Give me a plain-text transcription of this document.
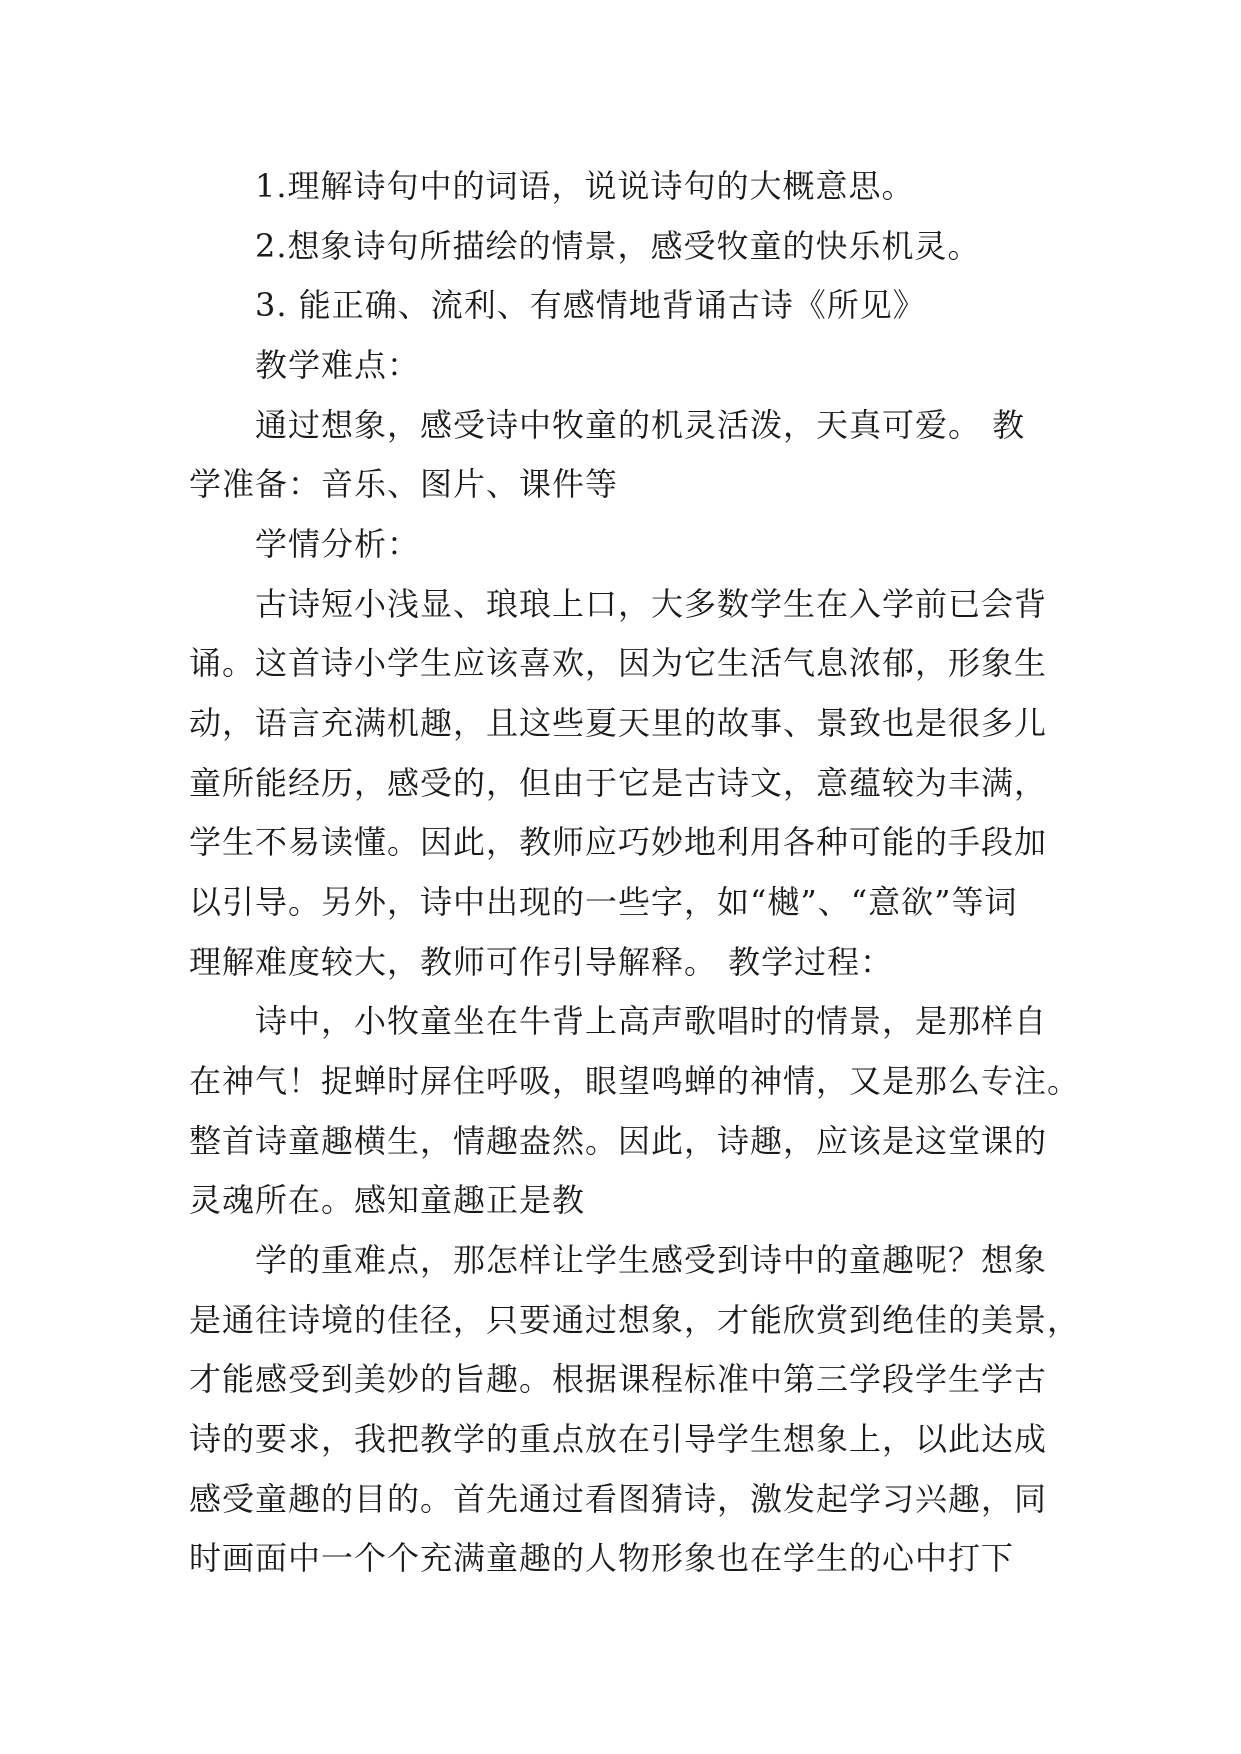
1.理解诗句中的词语，说说诗句的大概意思。
2.想象诗句所描绘的情景，感受牧童的快乐机灵。
3. 能正确、流利、有感情地背诵古诗《所见》
教学难点：
通过想象，感受诗中牧童的机灵活泼，天真可爱。 教
学准备：音乐、图片、课件等
学情分析：
古诗短小浅显、琅琅上口，大多数学生在入学前已会背
诵。这首诗小学生应该喜欢，因为它生活气息浓郁，形象生
动，语言充满机趣，且这些夏天里的故事、景致也是很多儿
童所能经历，感受的，但由于它是古诗文，意蕴较为丰满，
学生不易读懂。因此，教师应巧妙地利用各种可能的手段加
以引导。另外，诗中出现的一些字，如“樾”、“意欲”等词
理解难度较大，教师可作引导解释。 教学过程：
诗中，小牧童坐在牛背上高声歌唱时的情景，是那样自
在神气！捉蝉时屏住呼吸，眼望鸣蝉的神情，又是那么专注。
整首诗童趣横生，情趣盎然。因此，诗趣，应该是这堂课的
灵魂所在。感知童趣正是教
学的重难点，那怎样让学生感受到诗中的童趣呢？想象
是通往诗境的佳径，只要通过想象，才能欣赏到绝佳的美景，
才能感受到美妙的旨趣。根据课程标准中第三学段学生学古
诗的要求，我把教学的重点放在引导学生想象上，以此达成
感受童趣的目的。首先通过看图猜诗，激发起学习兴趣，同
时画面中一个个充满童趣的人物形象也在学生的心中打下
